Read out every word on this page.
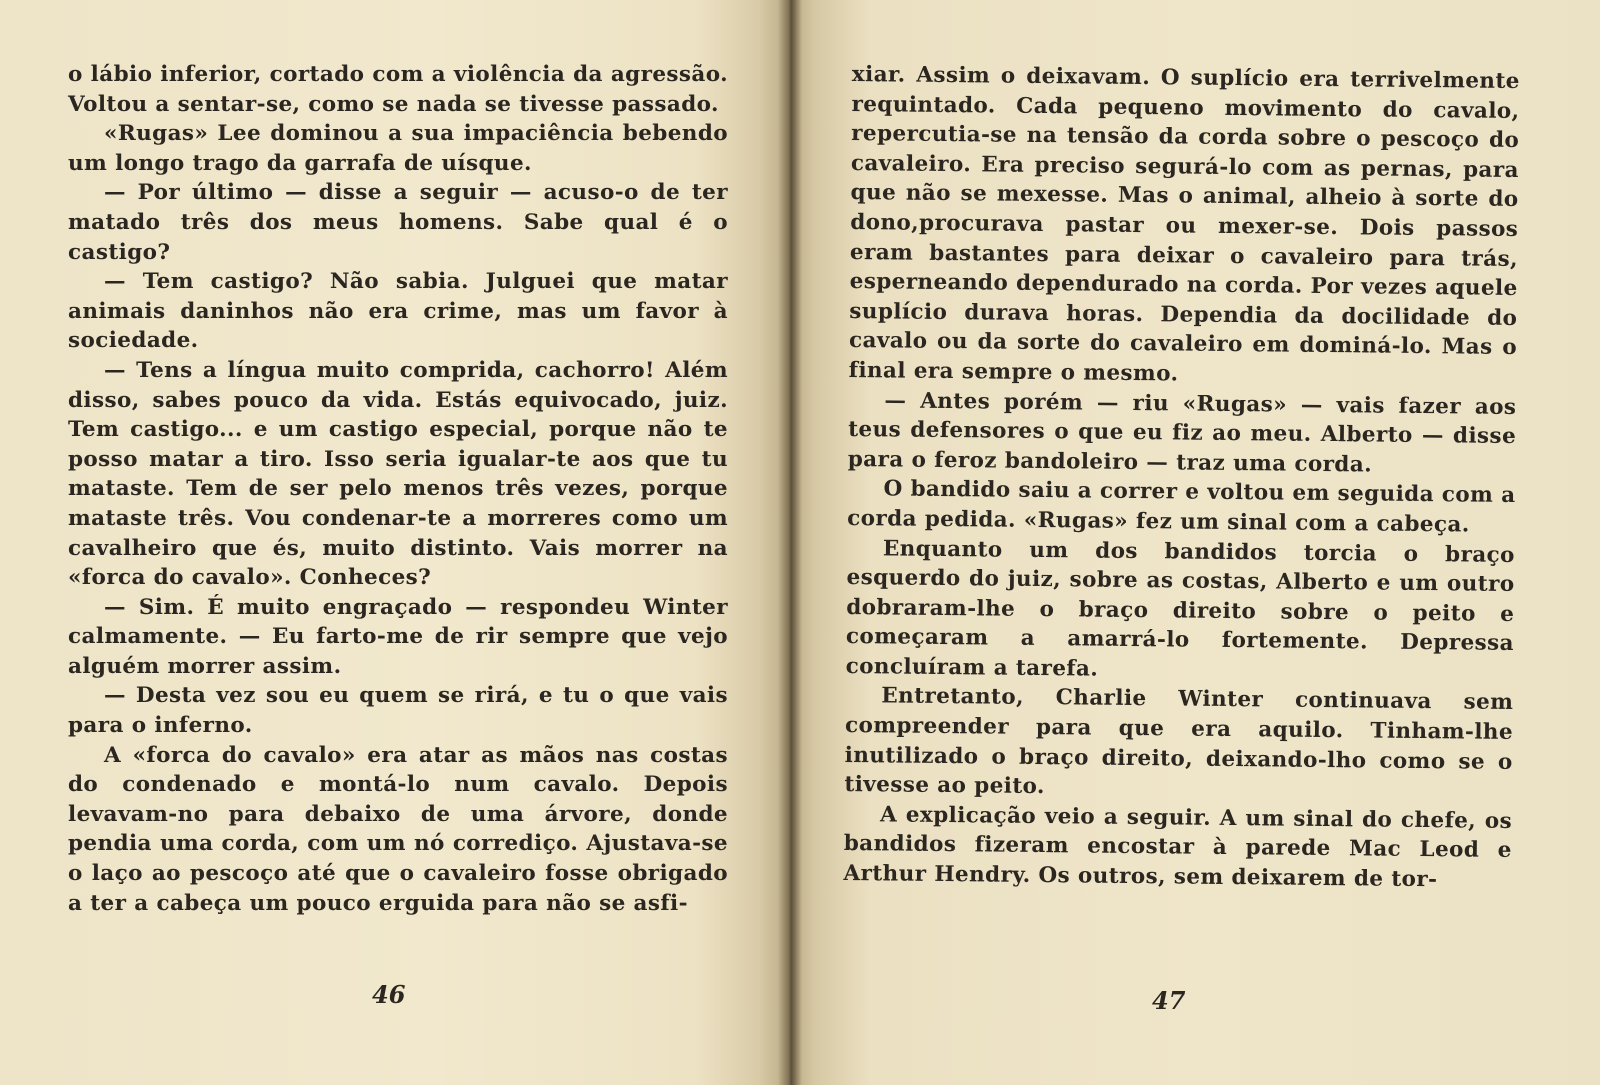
o lábio inferior, cortado com a violência da agressão. Voltou a sentar-se, como se nada se tivesse passado.

«Rugas» Lee dominou a sua impaciência bebendo um longo trago da garrafa de uísque.

— Por último — disse a seguir — acuso-o de ter matado três dos meus homens. Sabe qual é o castigo?

— Tem castigo? Não sabia. Julguei que matar animais daninhos não era crime, mas um favor à sociedade.

— Tens a língua muito comprida, cachorro! Além disso, sabes pouco da vida. Estás equivocado, juiz. Tem castigo... e um castigo especial, porque não te posso matar a tiro. Isso seria igualar-te aos que tu mataste. Tem de ser pelo menos três vezes, porque mataste três. Vou condenar-te a morreres como um cavalheiro que és, muito distinto. Vais morrer na «forca do cavalo». Conheces?

— Sim. É muito engraçado — respondeu Winter calmamente. — Eu farto-me de rir sempre que vejo alguém morrer assim.

— Desta vez sou eu quem se rirá, e tu o que vais para o inferno.

A «forca do cavalo» era atar as mãos nas costas do condenado e montá-lo num cavalo. Depois levavam-no para debaixo de uma árvore, donde pendia uma corda, com um nó corrediço. Ajustava-se o laço ao pescoço até que o cavaleiro fosse obrigado a ter a cabeça um pouco erguida para não se asfi-

46

xiar. Assim o deixavam. O suplício era terrivelmente requintado. Cada pequeno movimento do cavalo, repercutia-se na tensão da corda sobre o pescoço do cavaleiro. Era preciso segurá-lo com as pernas, para que não se mexesse. Mas o animal, alheio à sorte do dono,procurava pastar ou mexer-se. Dois passos eram bastantes para deixar o cavaleiro para trás, esperneando dependurado na corda. Por vezes aquele suplício durava horas. Dependia da docilidade do cavalo ou da sorte do cavaleiro em dominá-lo. Mas o final era sempre o mesmo.

— Antes porém — riu «Rugas» — vais fazer aos teus defensores o que eu fiz ao meu. Alberto — disse para o feroz bandoleiro — traz uma corda.

O bandido saiu a correr e voltou em seguida com a corda pedida. «Rugas» fez um sinal com a cabeça.

Enquanto um dos bandidos torcia o braço esquerdo do juiz, sobre as costas, Alberto e um outro dobraram-lhe o braço direito sobre o peito e começaram a amarrá-lo fortemente. Depressa concluíram a tarefa.

Entretanto, Charlie Winter continuava sem compreender para que era aquilo. Tinham-lhe inutilizado o braço direito, deixando-lho como se o tivesse ao peito.

A explicação veio a seguir. A um sinal do chefe, os bandidos fizeram encostar à parede Mac Leod e Arthur Hendry. Os outros, sem deixarem de tor-

47
